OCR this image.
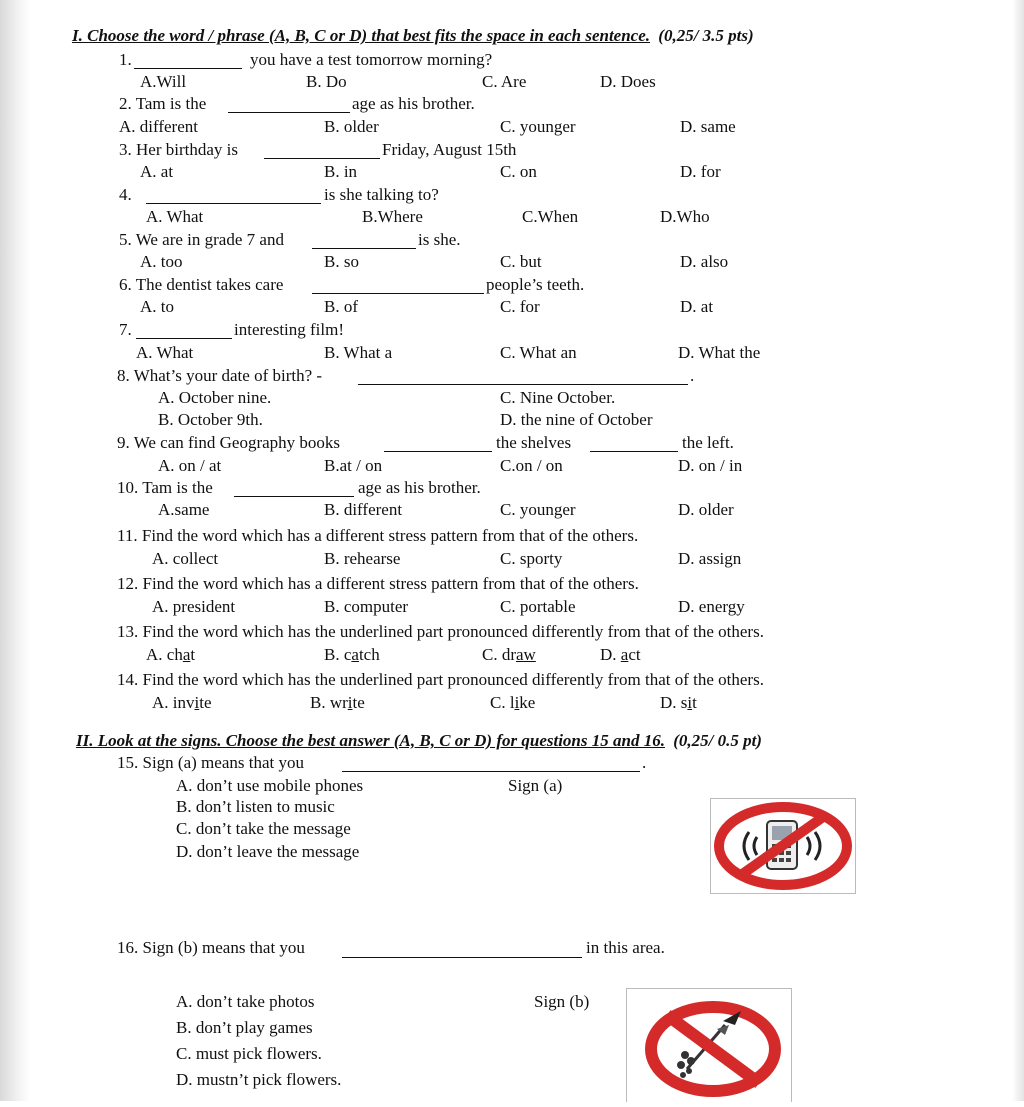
I. Choose the word / phrase (A, B, C or D) that best fits the space in each sentence. (0,25/ 3.5 pts)
1.	you have a test tomorrow morning?
A.Will	B. Do	C. Are	D. Does
2. Tam is the	age as his brother.
A. different	B. older	C. younger	D. same
3. Her birthday is	Friday, August 15th
A. at	B. in	C. on	D. for
4.	is she talking to?
A. What	B.Where	C.When	D.Who
5. We are in grade 7 and	is she.
A. too	B. so	C. but	D. also
6. The dentist takes care	people’s teeth.
A. to	B. of	C. for	D. at
7.	interesting film!
A. What	B. What a	C. What an	D. What the
8. What’s your date of birth? -	.
A. October nine.	C. Nine October.
B. October 9th.	D. the nine of October
9. We can find Geography books	the shelves	the left.
A. on / at	B.at / on	C.on / on	D. on / in
10. Tam is the	age as his brother.
A.same	B. different	C. younger	D. older
11. Find the word which has a different stress pattern from that of the others.
A. collect	B. rehearse	C. sporty	D. assign
12. Find the word which has a different stress pattern from that of the others.
A. president	B. computer	C. portable	D. energy
13. Find the word which has the underlined part pronounced differently from that of the others.
A. chat	B. catch	C. draw	D. act
14. Find the word which has the underlined part pronounced differently from that of the others.
A. invite	B. write	C. like	D. sit
II. Look at the signs. Choose the best answer (A, B, C or D) for questions 15 and 16. (0,25/ 0.5 pt)
15. Sign (a) means that you	.
A. don’t use mobile phones	Sign (a)
B. don’t listen to music
C. don’t take the message
D. don’t leave the message
16. Sign (b) means that you	in this area.
A. don’t take photos	Sign (b)
B. don’t play games
C. must pick flowers.
D. mustn’t pick flowers.
